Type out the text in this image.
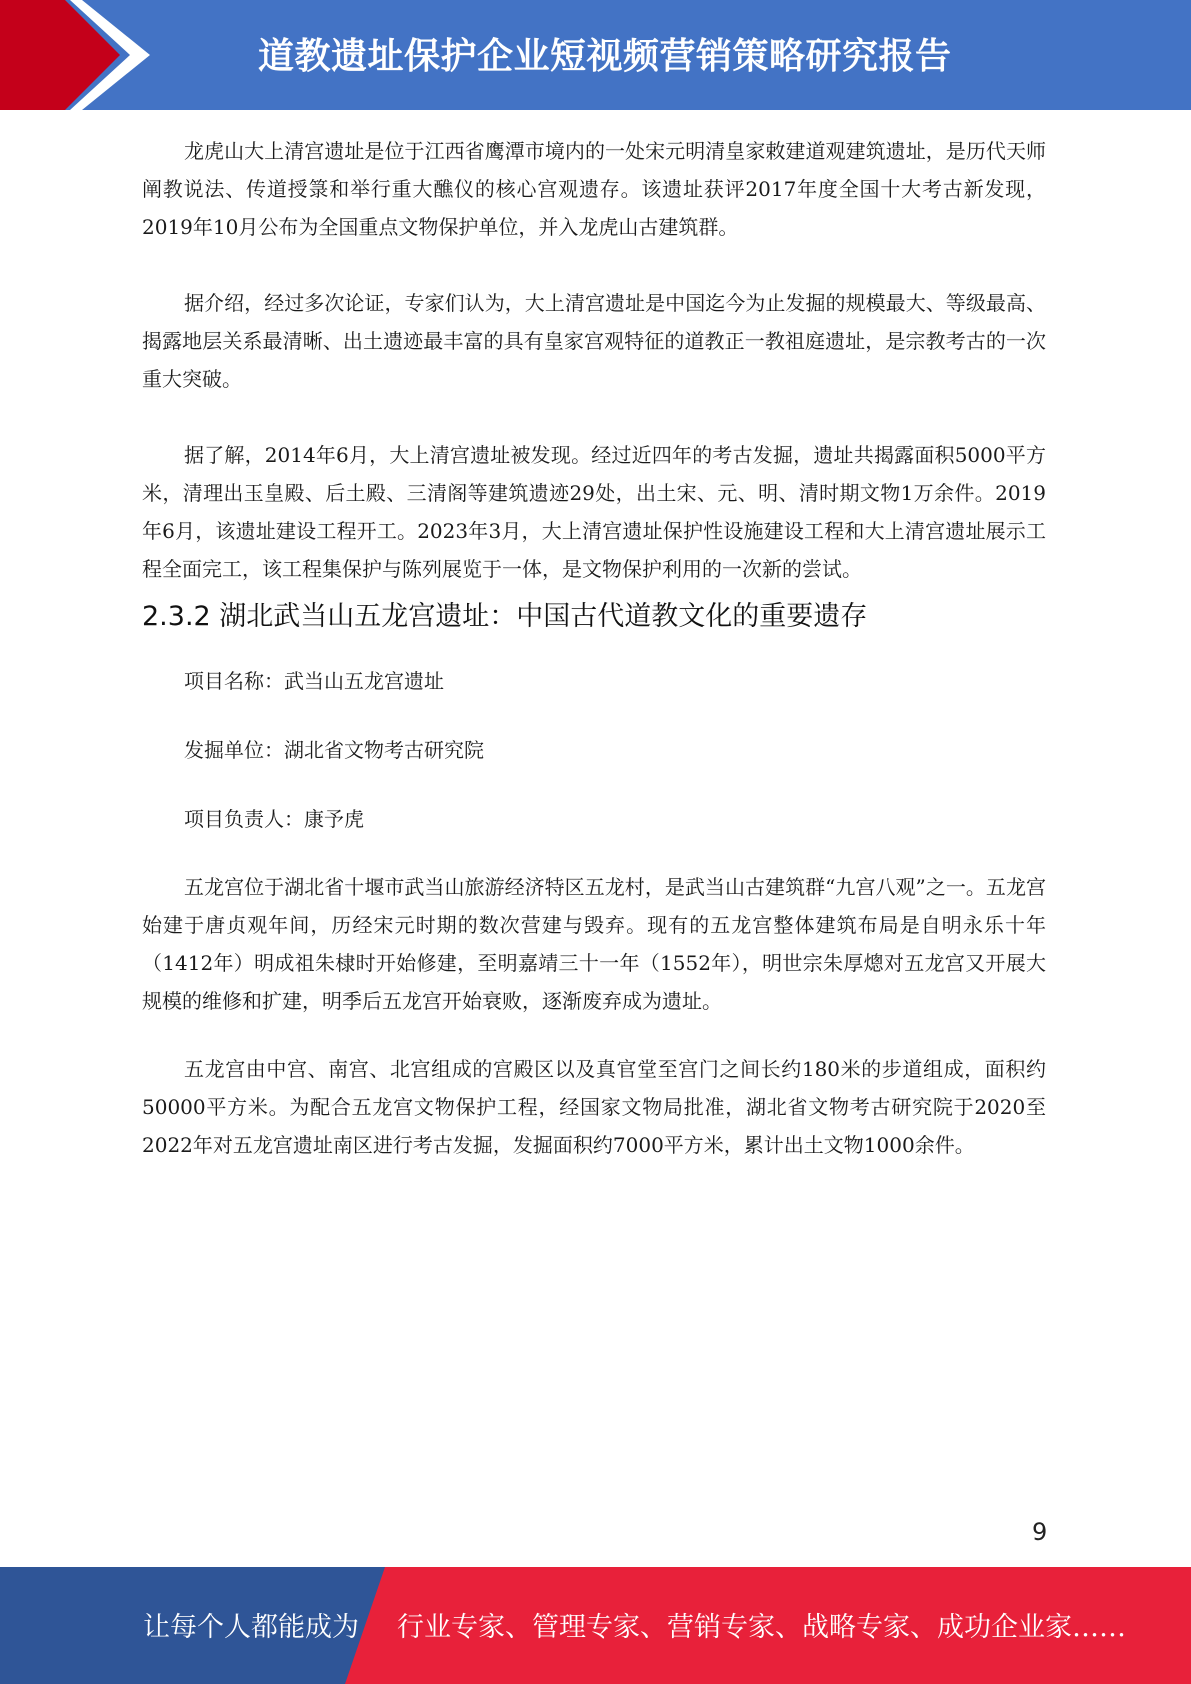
道教遗址保护企业短视频营销策略研究报告

龙虎山大上清宫遗址是位于江西省鹰潭市境内的一处宋元明清皇家敕建道观建筑遗址，是历代天师阐教说法、传道授箓和举行重大醮仪的核心宫观遗存。该遗址获评2017年度全国十大考古新发现，2019年10月公布为全国重点文物保护单位，并入龙虎山古建筑群。

据介绍，经过多次论证，专家们认为，大上清宫遗址是中国迄今为止发掘的规模最大、等级最高、揭露地层关系最清晰、出土遗迹最丰富的具有皇家宫观特征的道教正一教祖庭遗址，是宗教考古的一次重大突破。

据了解，2014年6月，大上清宫遗址被发现。经过近四年的考古发掘，遗址共揭露面积5000平方米，清理出玉皇殿、后土殿、三清阁等建筑遗迹29处，出土宋、元、明、清时期文物1万余件。2019年6月，该遗址建设工程开工。2023年3月，大上清宫遗址保护性设施建设工程和大上清宫遗址展示工程全面完工，该工程集保护与陈列展览于一体，是文物保护利用的一次新的尝试。

2.3.2 湖北武当山五龙宫遗址：中国古代道教文化的重要遗存

项目名称：武当山五龙宫遗址

发掘单位：湖北省文物考古研究院

项目负责人：康予虎

五龙宫位于湖北省十堰市武当山旅游经济特区五龙村，是武当山古建筑群“九宫八观”之一。五龙宫始建于唐贞观年间，历经宋元时期的数次营建与毁弃。现有的五龙宫整体建筑布局是自明永乐十年（1412年）明成祖朱棣时开始修建，至明嘉靖三十一年（1552年），明世宗朱厚熜对五龙宫又开展大规模的维修和扩建，明季后五龙宫开始衰败，逐渐废弃成为遗址。

五龙宫由中宫、南宫、北宫组成的宫殿区以及真官堂至宫门之间长约180米的步道组成，面积约50000平方米。为配合五龙宫文物保护工程，经国家文物局批准，湖北省文物考古研究院于2020至2022年对五龙宫遗址南区进行考古发掘，发掘面积约7000平方米，累计出土文物1000余件。

9
让每个人都能成为 行业专家、管理专家、营销专家、战略专家、成功企业家……
